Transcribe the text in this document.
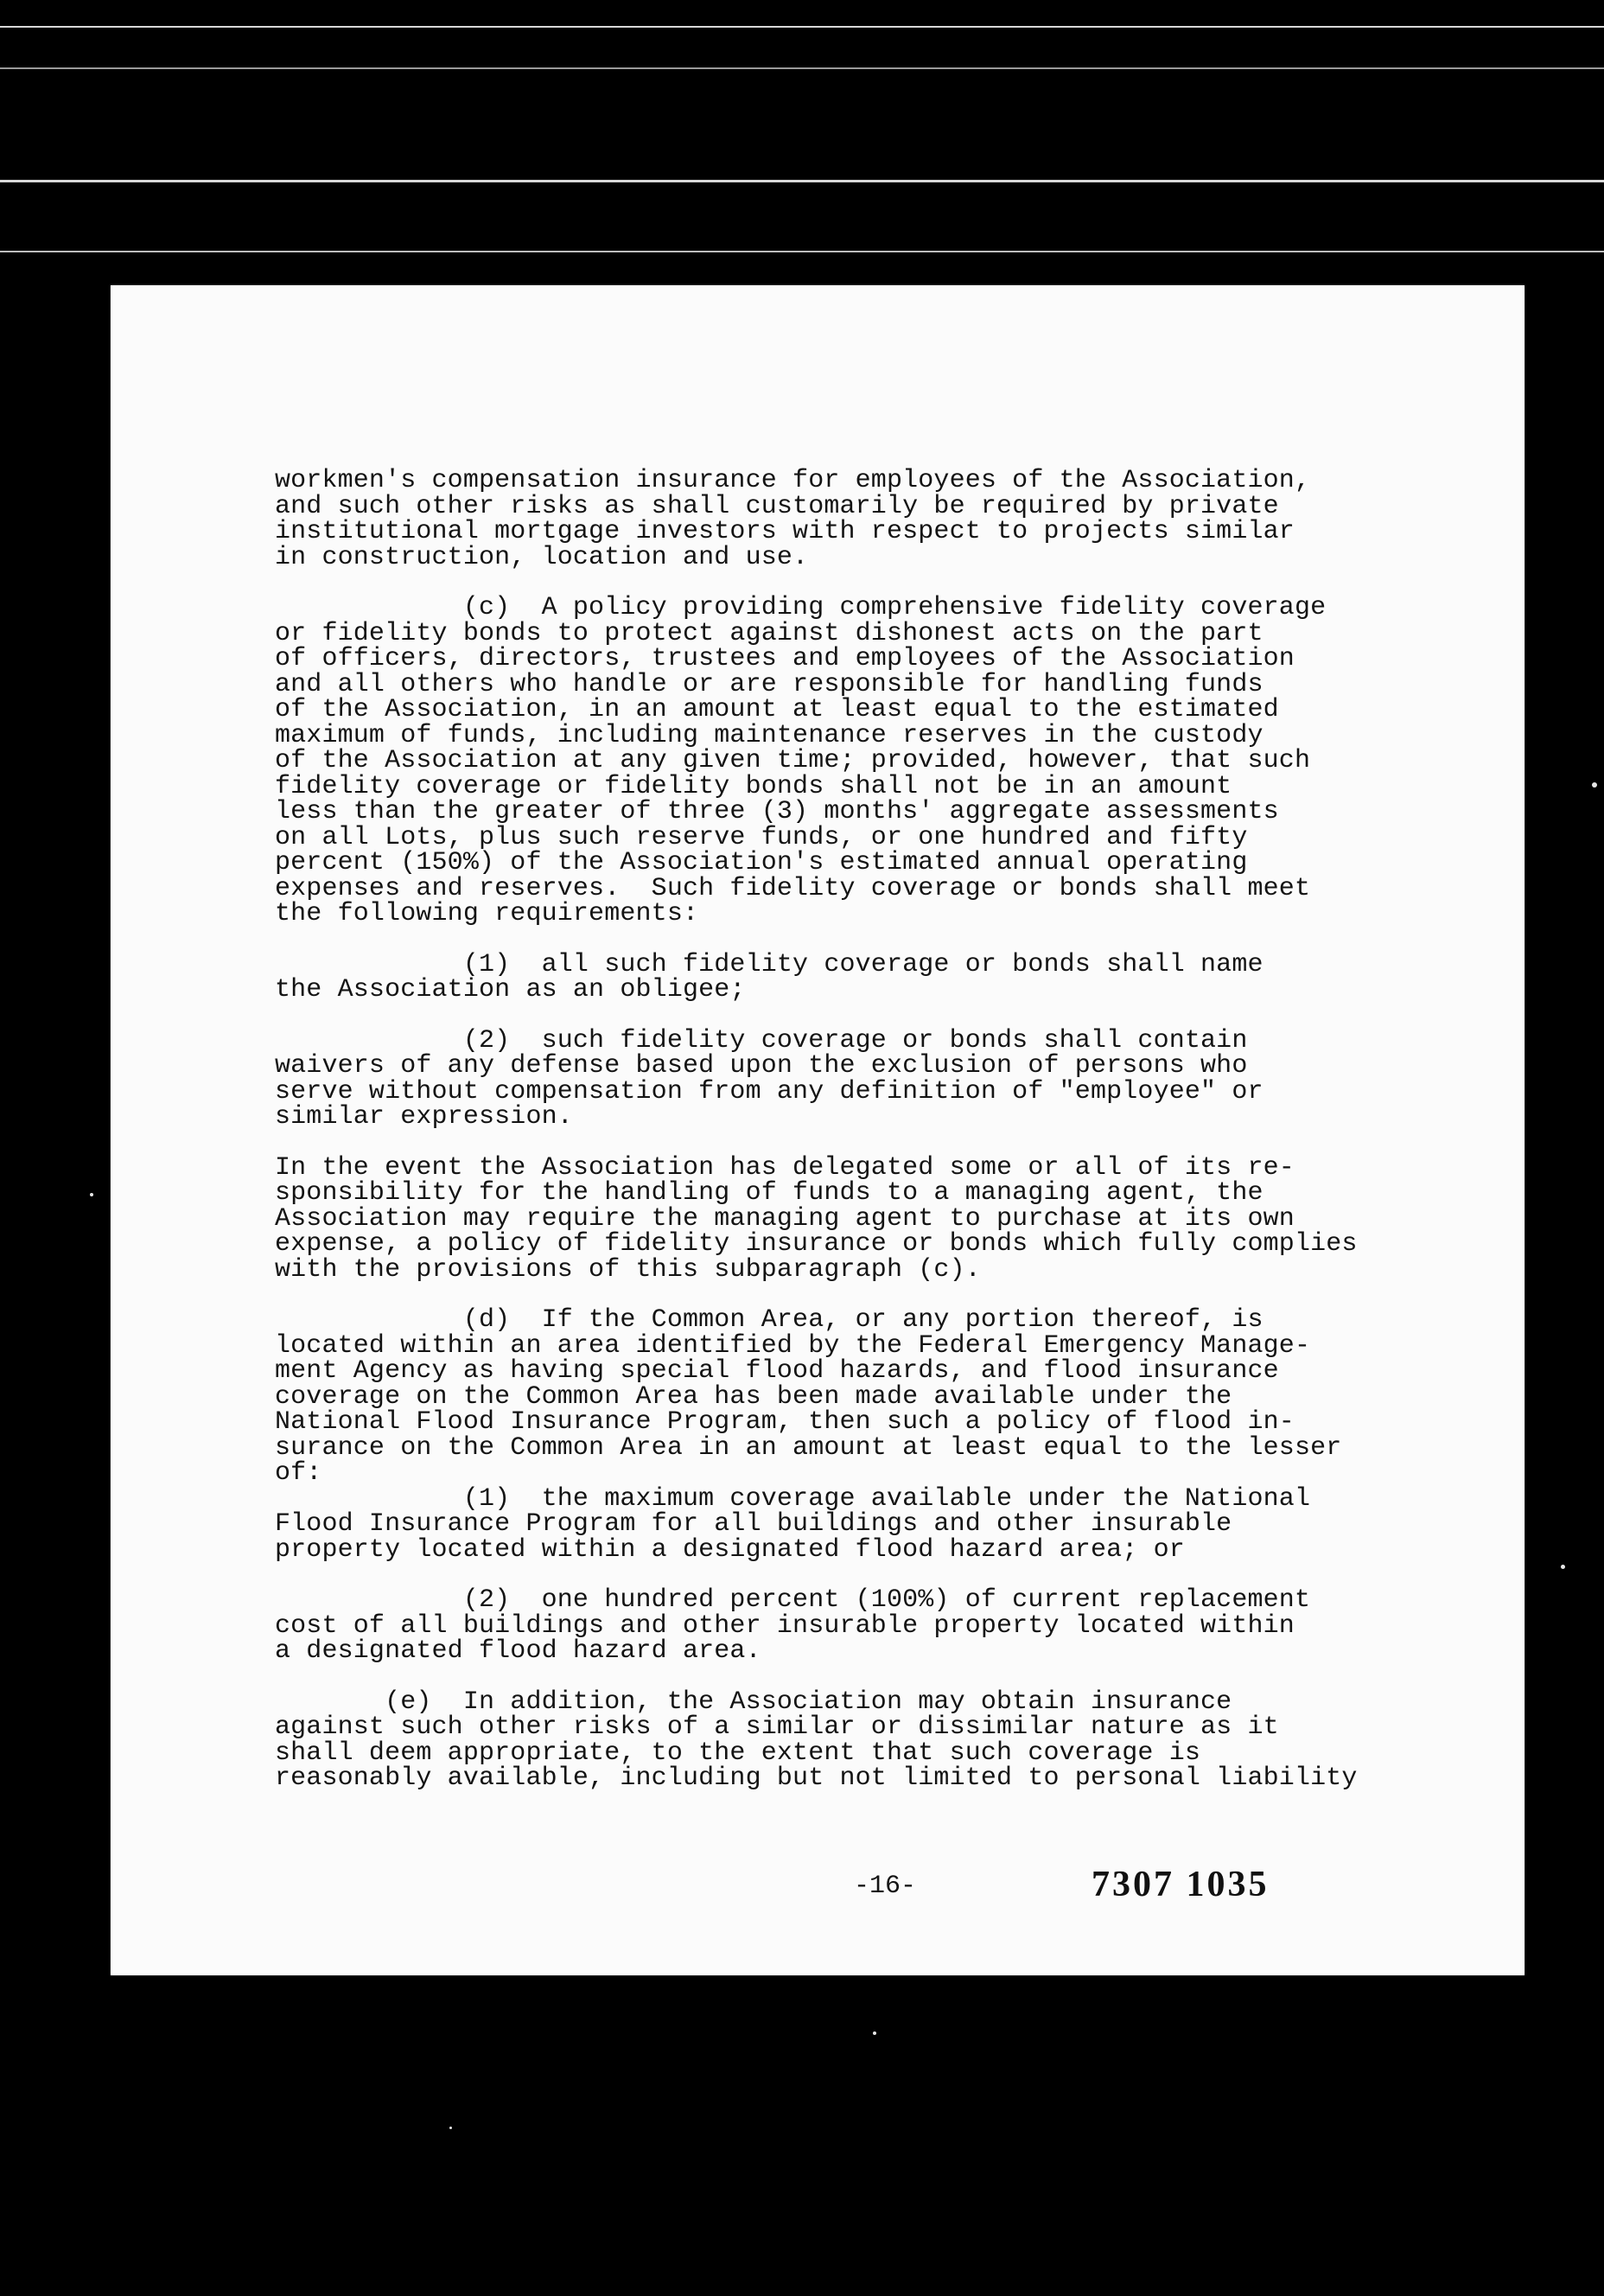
workmen's compensation insurance for employees of the Association,
and such other risks as shall customarily be required by private
institutional mortgage investors with respect to projects similar
in construction, location and use.
(c)  A policy providing comprehensive fidelity coverage
or fidelity bonds to protect against dishonest acts on the part
of officers, directors, trustees and employees of the Association
and all others who handle or are responsible for handling funds
of the Association, in an amount at least equal to the estimated
maximum of funds, including maintenance reserves in the custody
of the Association at any given time; provided, however, that such
fidelity coverage or fidelity bonds shall not be in an amount
less than the greater of three (3) months' aggregate assessments
on all Lots, plus such reserve funds, or one hundred and fifty
percent (150%) of the Association's estimated annual operating
expenses and reserves.  Such fidelity coverage or bonds shall meet
the following requirements:
(1)  all such fidelity coverage or bonds shall name
the Association as an obligee;
(2)  such fidelity coverage or bonds shall contain
waivers of any defense based upon the exclusion of persons who
serve without compensation from any definition of "employee" or
similar expression.
In the event the Association has delegated some or all of its re-
sponsibility for the handling of funds to a managing agent, the
Association may require the managing agent to purchase at its own
expense, a policy of fidelity insurance or bonds which fully complies
with the provisions of this subparagraph (c).
(d)  If the Common Area, or any portion thereof, is
located within an area identified by the Federal Emergency Manage-
ment Agency as having special flood hazards, and flood insurance
coverage on the Common Area has been made available under the
National Flood Insurance Program, then such a policy of flood in-
surance on the Common Area in an amount at least equal to the lesser
of:
(1)  the maximum coverage available under the National
Flood Insurance Program for all buildings and other insurable
property located within a designated flood hazard area; or
(2)  one hundred percent (100%) of current replacement
cost of all buildings and other insurable property located within
a designated flood hazard area.
(e)  In addition, the Association may obtain insurance
against such other risks of a similar or dissimilar nature as it
shall deem appropriate, to the extent that such coverage is
reasonably available, including but not limited to personal liability
-16-	7307 1035
